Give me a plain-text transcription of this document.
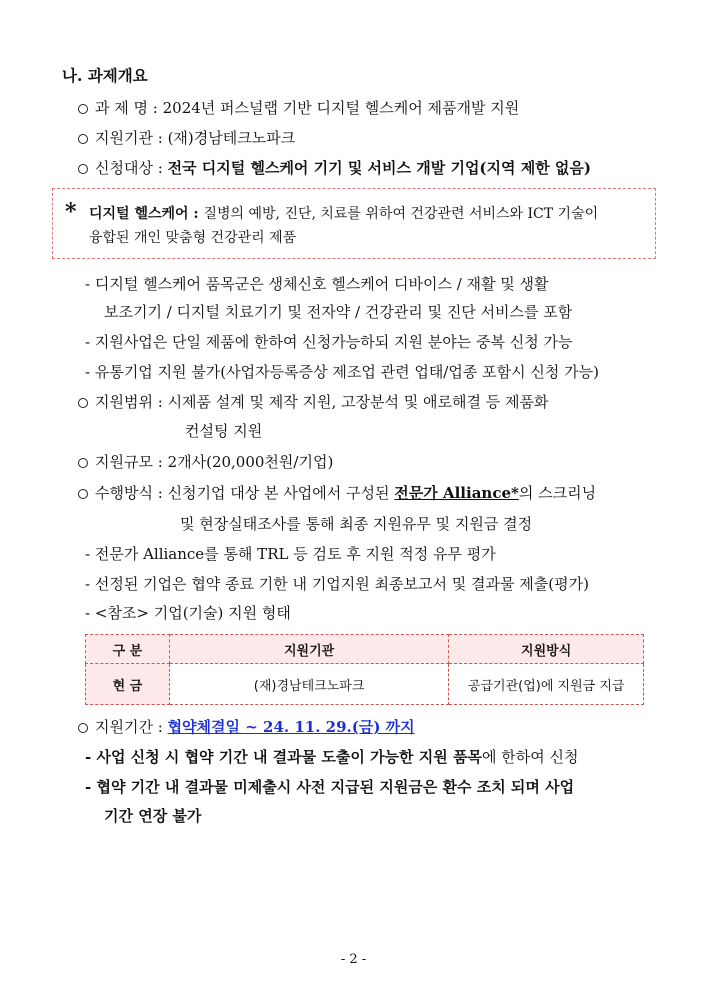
나. 과제개요
과 제 명 : 2024년 퍼스널랩 기반 디지털 헬스케어 제품개발 지원
지원기관 : (재)경남테크노파크
신청대상 : 전국 디지털 헬스케어 기기 및 서비스 개발 기업(지역 제한 없음)
* 디지털 헬스케어 : 질병의 예방, 진단, 치료를 위하여 건강관련 서비스와 ICT 기술이
융합된 개인 맞춤형 건강관리 제품
- 디지털 헬스케어 품목군은 생체신호 헬스케어 디바이스 / 재활 및 생활
보조기기 / 디지털 치료기기 및 전자약 / 건강관리 및 진단 서비스를 포함
- 지원사업은 단일 제품에 한하여 신청가능하되 지원 분야는 중복 신청 가능
- 유통기업 지원 불가(사업자등록증상 제조업 관련 업태/업종 포함시 신청 가능)
지원범위 : 시제품 설계 및 제작 지원, 고장분석 및 애로해결 등 제품화
컨설팅 지원
지원규모 : 2개사(20,000천원/기업)
수행방식 : 신청기업 대상 본 사업에서 구성된 전문가 Alliance*의 스크리닝
및 현장실태조사를 통해 최종 지원유무 및 지원금 결정
- 전문가 Alliance를 통해 TRL 등 검토 후 지원 적정 유무 평가
- 선정된 기업은 협약 종료 기한 내 기업지원 최종보고서 및 결과물 제출(평가)
- <참조> 기업(기술) 지원 형태
구 분	지원기관	지원방식
현 금	(재)경남테크노파크	공급기관(업)에 지원금 지급
지원기간 : 협약체결일 ~ 24. 11. 29.(금) 까지
- 사업 신청 시 협약 기간 내 결과물 도출이 가능한 지원 품목에 한하여 신청
- 협약 기간 내 결과물 미제출시 사전 지급된 지원금은 환수 조치 되며 사업
기간 연장 불가
- 2 -
